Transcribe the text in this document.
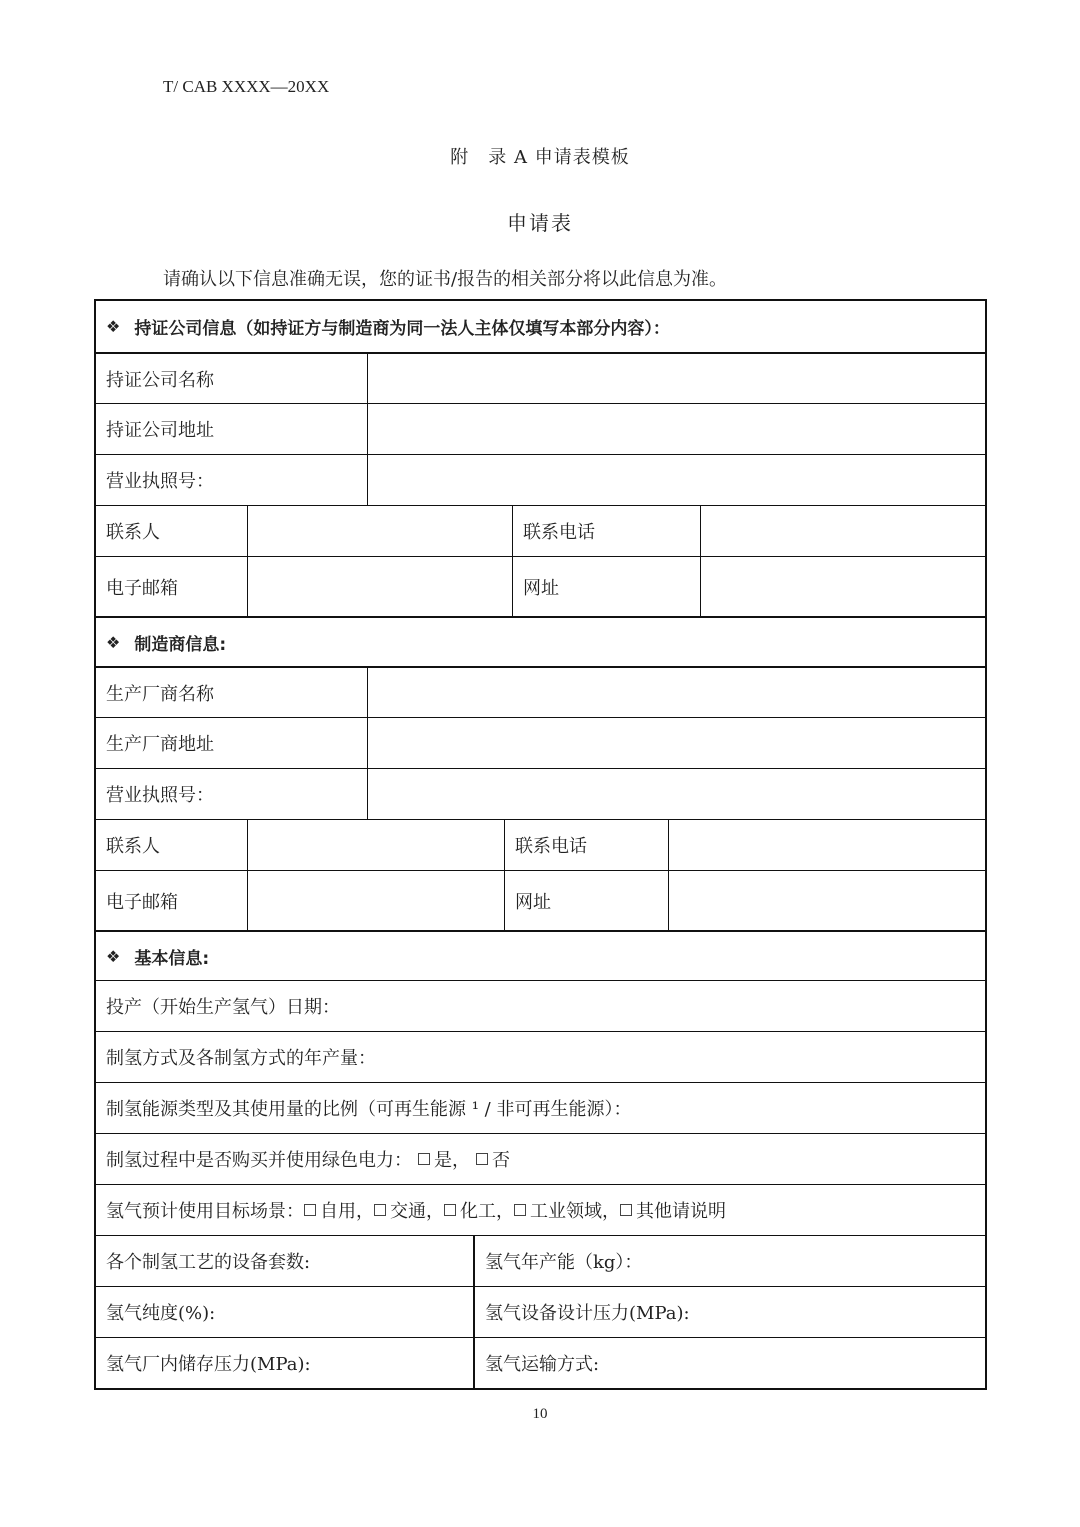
T/ CAB XXXX—20XX
附　录 A 申请表模板
申请表
请确认以下信息准确无误，您的证书/报告的相关部分将以此信息为准。
❖ 持证公司信息（如持证方与制造商为同一法人主体仅填写本部分内容）：
持证公司名称
持证公司地址
营业执照号：
联系人	联系电话
电子邮箱	网址
❖ 制造商信息:
生产厂商名称
生产厂商地址
营业执照号：
联系人	联系电话
电子邮箱	网址
❖ 基本信息:
投产（开始生产氢气）日期：
制氢方式及各制氢方式的年产量：
制氢能源类型及其使用量的比例（可再生能源 ¹ / 非可再生能源）：
制氢过程中是否购买并使用绿色电力： 是， 否
氢气预计使用目标场景： 自用， 交通， 化工， 工业领域， 其他请说明
各个制氢工艺的设备套数:	氢气年产能（kg）：
氢气纯度(%):	氢气设备设计压力(MPa):
氢气厂内储存压力(MPa):	氢气运输方式:
10
